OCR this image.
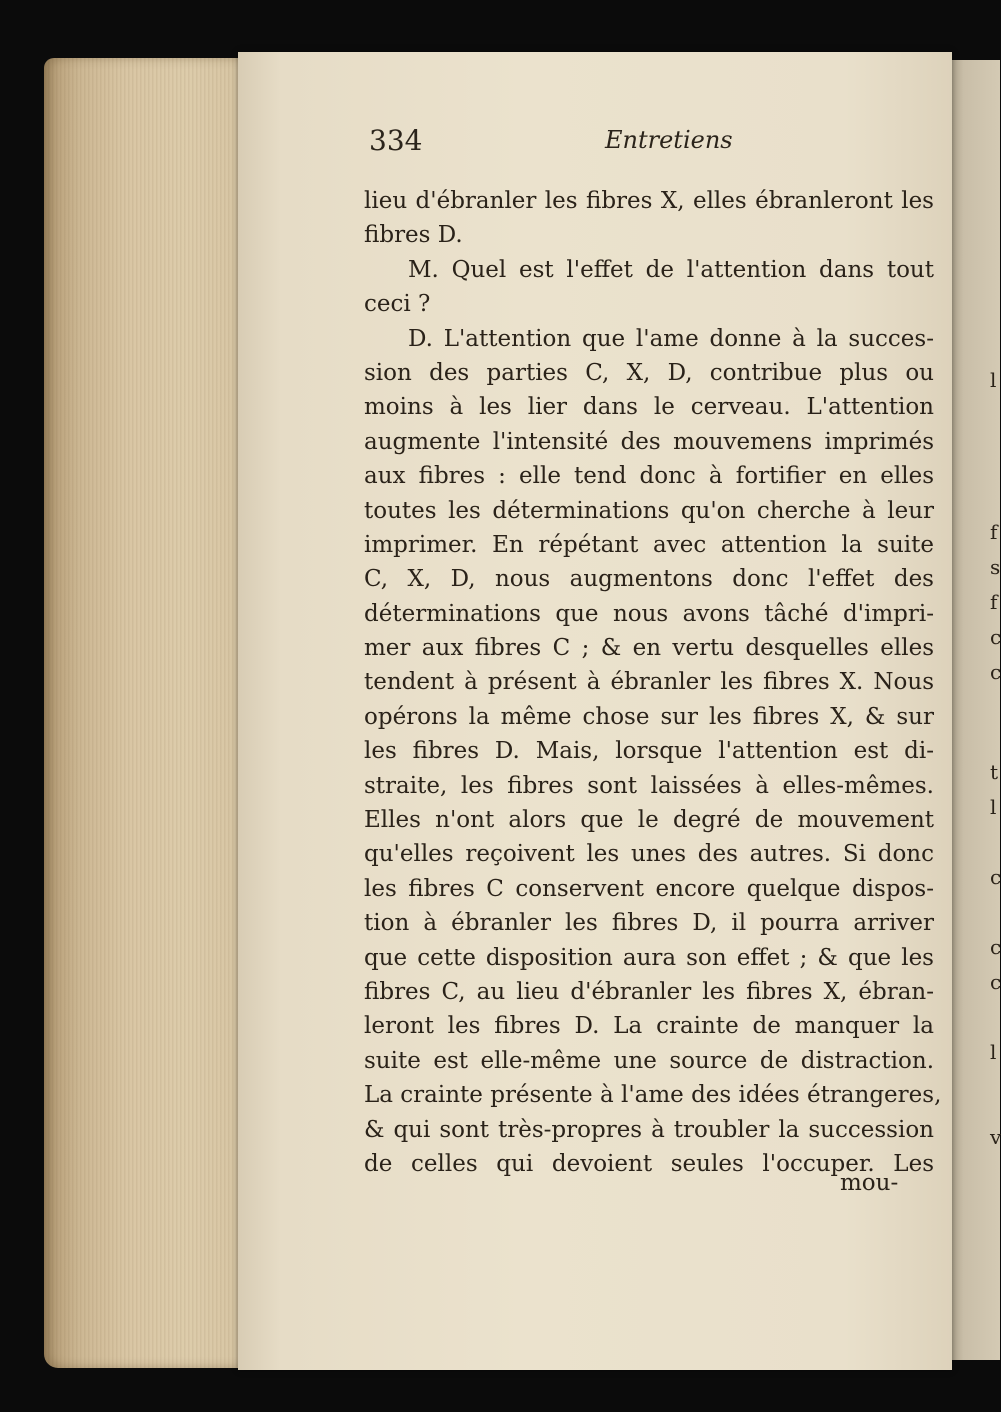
334	Entretiens
lieu d'ébranler les fibres X, elles ébranleront les
fibres D.
M. Quel est l'effet de l'attention dans tout
ceci ?
D. L'attention que l'ame donne à la succes-
sion des parties C, X, D, contribue plus ou
moins à les lier dans le cerveau. L'attention
augmente l'intensité des mouvemens imprimés
aux fibres : elle tend donc à fortifier en elles
toutes les déterminations qu'on cherche à leur
imprimer. En répétant avec attention la suite
C, X, D, nous augmentons donc l'effet des
déterminations que nous avons tâché d'impri-
mer aux fibres C ; & en vertu desquelles elles
tendent à présent à ébranler les fibres X. Nous
opérons la même chose sur les fibres X, & sur
les fibres D. Mais, lorsque l'attention est di-
straite, les fibres sont laissées à elles-mêmes.
Elles n'ont alors que le degré de mouvement
qu'elles reçoivent les unes des autres. Si donc
les fibres C conservent encore quelque dispos-
tion à ébranler les fibres D, il pourra arriver
que cette disposition aura son effet ; & que les
fibres C, au lieu d'ébranler les fibres X, ébran-
leront les fibres D. La crainte de manquer la
suite est elle-même une source de distraction.
La crainte présente à l'ame des idées étrangeres,
& qui sont très-propres à troubler la succession
de celles qui devoient seules l'occuper. Les
mou-
l
f
s
f
c
c
t
l
c
c
c
l
v
